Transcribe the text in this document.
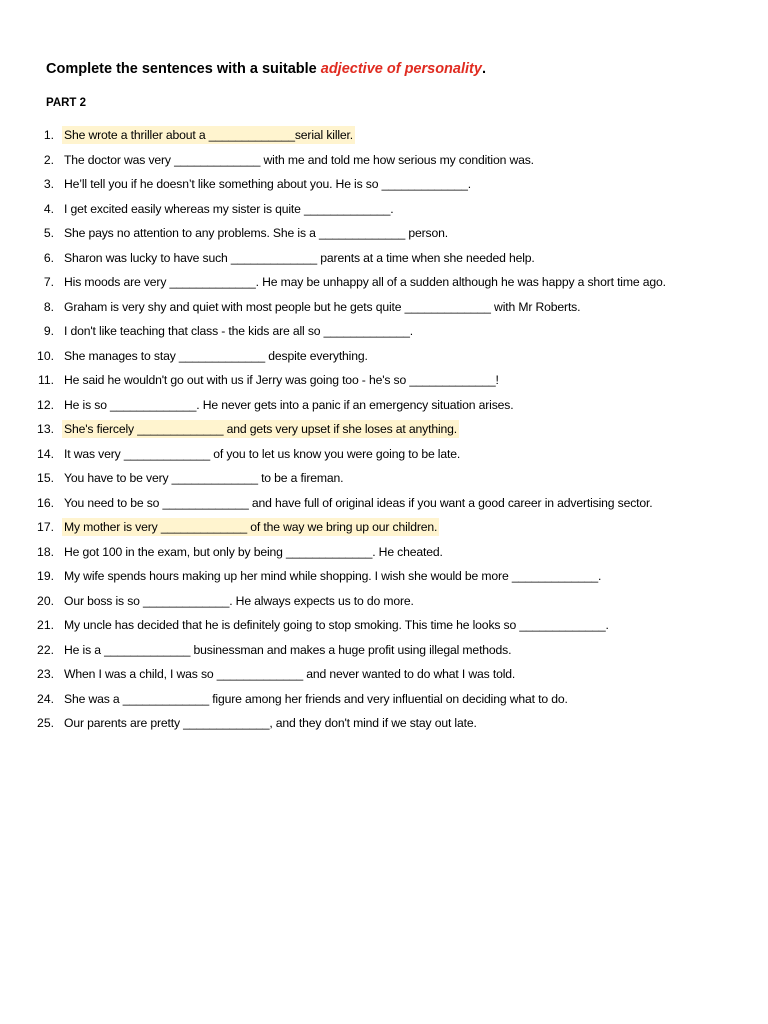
Complete the sentences with a suitable adjective of personality.
PART 2
1. She wrote a thriller about a _____________serial killer.
2. The doctor was very _____________ with me and told me how serious my condition was.
3. He’ll tell you if he doesn’t like something about you. He is so _____________.
4. I get excited easily whereas my sister is quite _____________.
5. She pays no attention to any problems. She is a _____________ person.
6. Sharon was lucky to have such _____________ parents at a time when she needed help.
7. His moods are very _____________. He may be unhappy all of a sudden although he was happy a short time ago.
8. Graham is very shy and quiet with most people but he gets quite _____________ with Mr Roberts.
9. I don't like teaching that class - the kids are all so _____________.
10. She manages to stay _____________ despite everything.
11. He said he wouldn't go out with us if Jerry was going too - he's so _____________!
12. He is so _____________. He never gets into a panic if an emergency situation arises.
13. She's fiercely _____________ and gets very upset if she loses at anything.
14. It was very _____________ of you to let us know you were going to be late.
15. You have to be very _____________ to be a fireman.
16. You need to be so _____________ and have full of original ideas if you want a good career in advertising sector.
17. My mother is very _____________ of the way we bring up our children.
18. He got 100 in the exam, but only by being _____________. He cheated.
19. My wife spends hours making up her mind while shopping. I wish she would be more _____________.
20. Our boss is so _____________. He always expects us to do more.
21. My uncle has decided that he is definitely going to stop smoking. This time he looks so _____________.
22. He is a _____________ businessman and makes a huge profit using illegal methods.
23. When I was a child, I was so _____________ and never wanted to do what I was told.
24. She was a _____________ figure among her friends and very influential on deciding what to do.
25. Our parents are pretty _____________, and they don't mind if we stay out late.
